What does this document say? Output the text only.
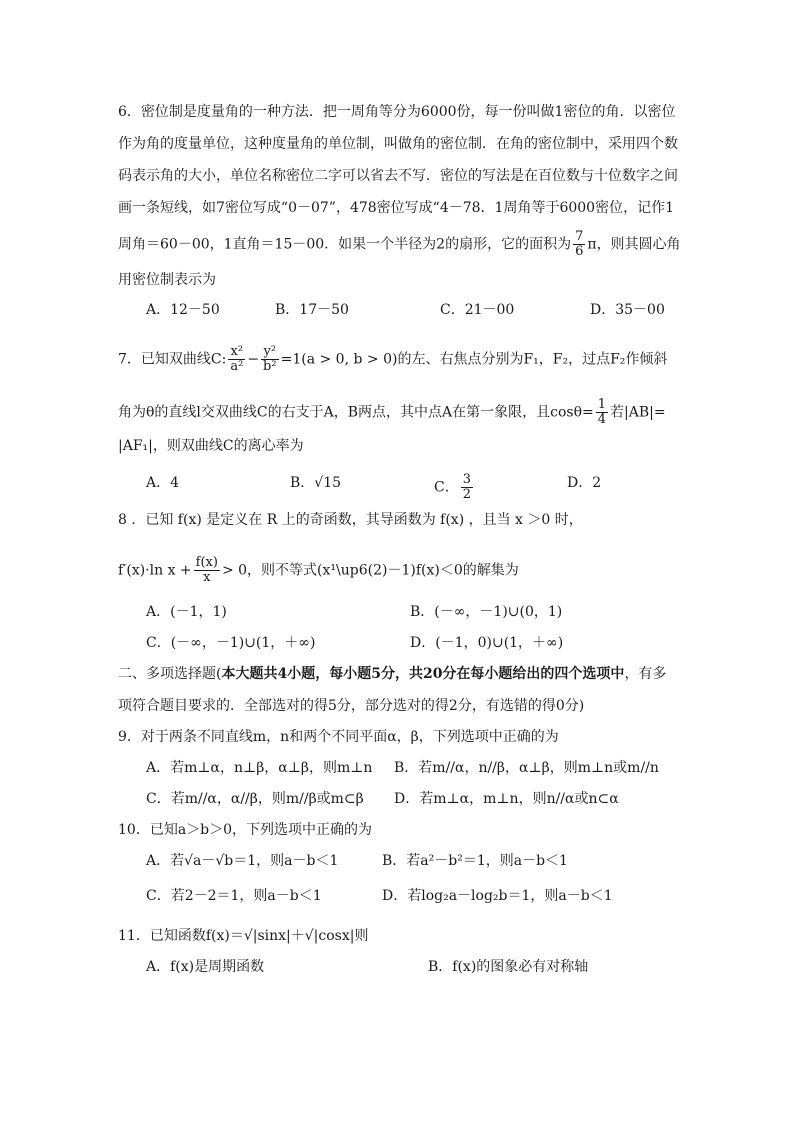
6．密位制是度量角的一种方法．把一周角等分为6000份，每一份叫做1密位的角．以密位
作为角的度量单位，这种度量角的单位制，叫做角的密位制．在角的密位制中，采用四个数
码表示角的大小，单位名称密位二字可以省去不写．密位的写法是在百位数与十位数字之间
画一条短线，如7密位写成“0－07”，478密位写成“4－78．1周角等于6000密位，记作1
周角＝60－00，1直角＝15－00．如果一个半径为2的扇形，它的面积为 $\frac{7}{6}$ π，则其圆心角
用密位制表示为
A．12－50	B．17－50	C．21－00	D．35－00
7．已知双曲线C: $\frac{\text{x²}}{\text{a²}} - \frac{\text{y²}}{\text{b²}} =1(a > 0$, b > 0)的左、右焦点分别为F₁，F₂，过点F₂作倾斜
角为θ的直线l交双曲线C的右支于A，B两点，其中点A在第一象限，且$\cos\theta= \frac{1}{4}$ 若|AB|=
|AF₁|，则双曲线C的离心率为
A．4	B．√15	C． $\frac{3}{2}$	D．2
8 ．已知 f(x) 是定义在 R 上的奇函数，其导函数为 f(x) ，且当 x ＞0 时，
f′(x)·ln $x + \frac{f(x)}{x} > 0$，则不等式(x¹\up6(2)－1)f(x)＜0的解集为
A．(－1，1)	B．(－∞，－1)∪(0，1)
C．(－∞，－1)∪(1，＋∞)	D．(－1，0)∪(1，＋∞)
二、多项选择题(本大题共4小题，每小题5分，共20分在每小题给出的四个选项中，有多
项符合题目要求的．全部选对的得5分，部分选对的得2分，有选错的得0分)
9．对于两条不同直线m，n和两个不同平面α，β，下列选项中正确的为
A．若m⊥α，n⊥β，α⊥β，则m⊥n B．若m//α，n//β，α⊥β，则m⊥n或m//n
C．若m//α，α//β，则m//β或m⊂β D．若m⊥α，m⊥n，则n//α或n⊂α
10．已知a＞b＞0，下列选项中正确的为
A．若√a－√b＝1，则a－b＜1	B．若a²－b²＝1，则a－b＜1
C．若2－2＝1，则a－b＜1	D．若log₂a－log₂b＝1，则a－b＜1
11．已知函数f(x)＝√|sinx|＋√|cosx|则
A．f(x)是周期函数	B．f(x)的图象必有对称轴
